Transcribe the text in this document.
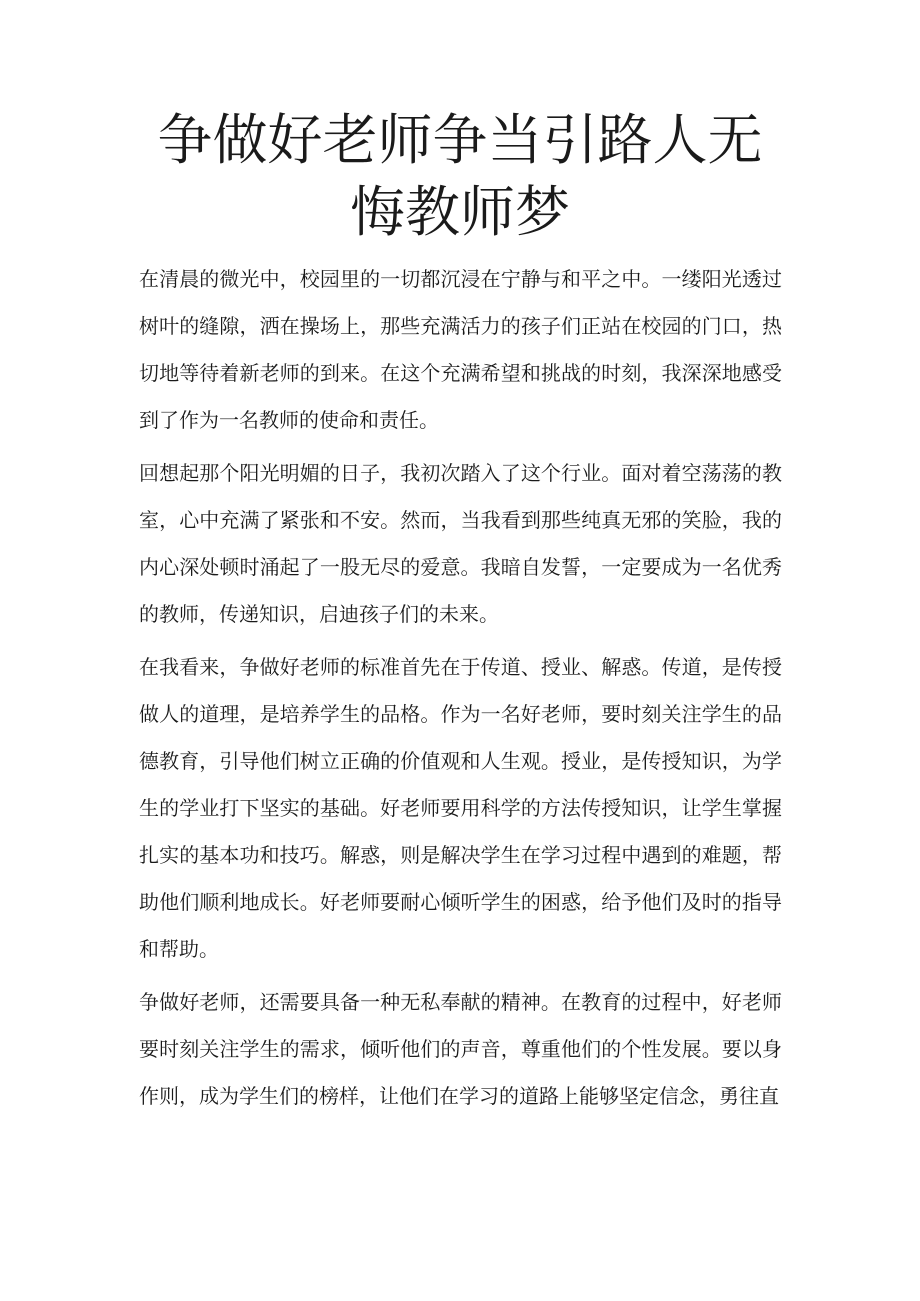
争做好老师争当引路人无
悔教师梦

在清晨的微光中，校园里的一切都沉浸在宁静与和平之中。一缕阳光透过树叶的缝隙，洒在操场上，那些充满活力的孩子们正站在校园的门口，热切地等待着新老师的到来。在这个充满希望和挑战的时刻，我深深地感受到了作为一名教师的使命和责任。

回想起那个阳光明媚的日子，我初次踏入了这个行业。面对着空荡荡的教室，心中充满了紧张和不安。然而，当我看到那些纯真无邪的笑脸，我的内心深处顿时涌起了一股无尽的爱意。我暗自发誓，一定要成为一名优秀的教师，传递知识，启迪孩子们的未来。

在我看来，争做好老师的标准首先在于传道、授业、解惑。传道，是传授做人的道理，是培养学生的品格。作为一名好老师，要时刻关注学生的品德教育，引导他们树立正确的价值观和人生观。授业，是传授知识，为学生的学业打下坚实的基础。好老师要用科学的方法传授知识，让学生掌握扎实的基本功和技巧。解惑，则是解决学生在学习过程中遇到的难题，帮助他们顺利地成长。好老师要耐心倾听学生的困惑，给予他们及时的指导和帮助。

争做好老师，还需要具备一种无私奉献的精神。在教育的过程中，好老师要时刻关注学生的需求，倾听他们的声音，尊重他们的个性发展。要以身作则，成为学生们的榜样，让他们在学习的道路上能够坚定信念，勇往直
